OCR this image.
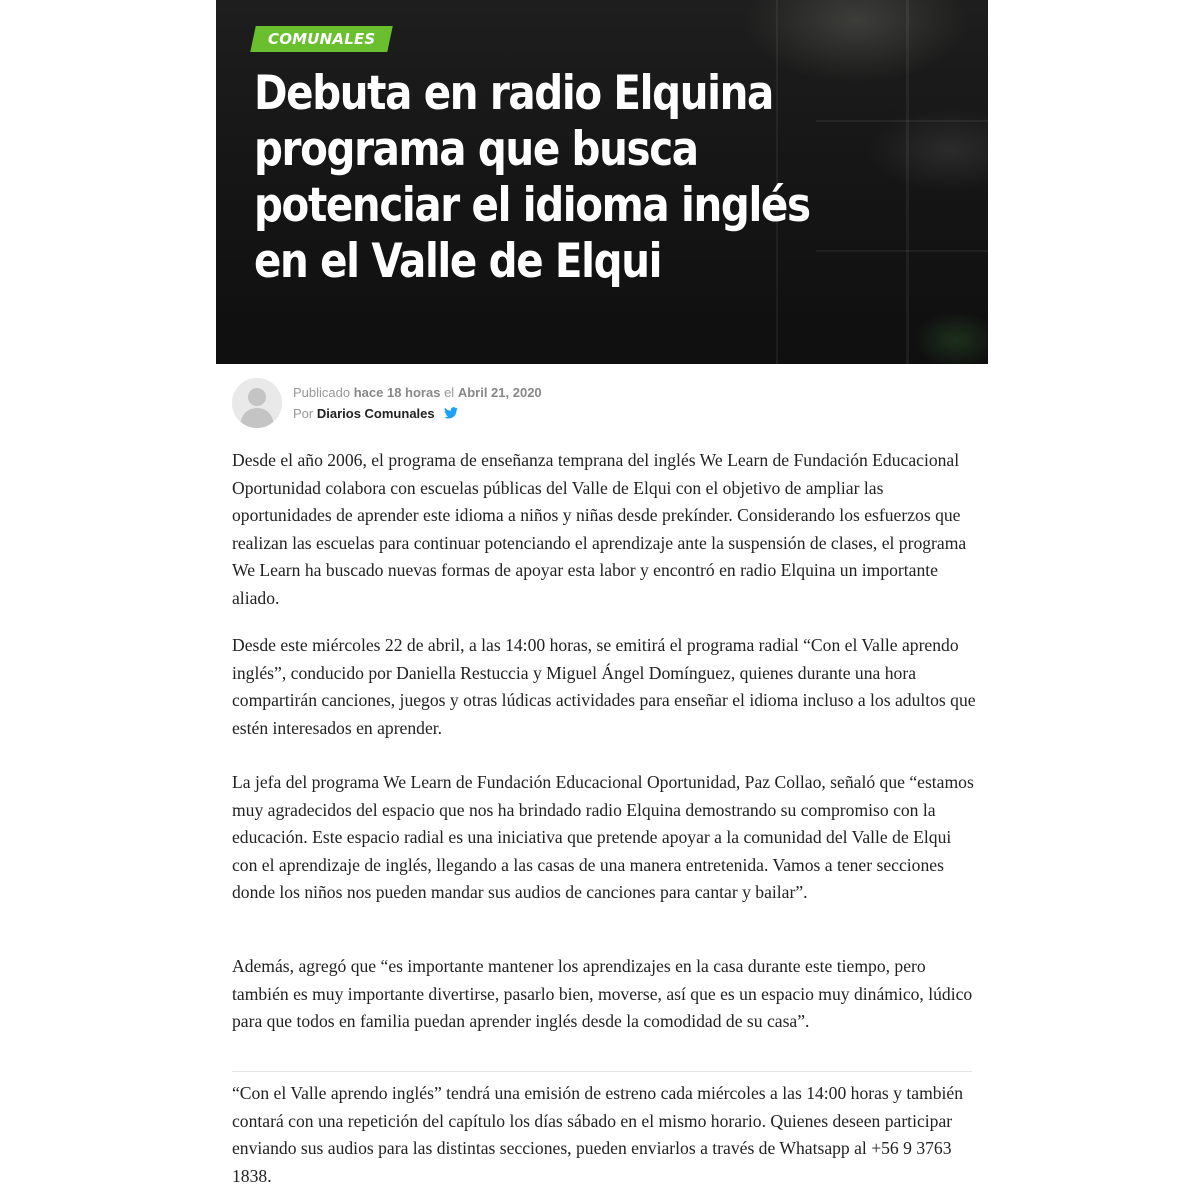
COMUNALES
Debuta en radio Elquina programa que busca potenciar el idioma inglés en el Valle de Elqui
Publicado hace 18 horas el Abril 21, 2020
Por Diarios Comunales

Desde el año 2006, el programa de enseñanza temprana del inglés We Learn de Fundación Educacional Oportunidad colabora con escuelas públicas del Valle de Elqui con el objetivo de ampliar las oportunidades de aprender este idioma a niños y niñas desde prekínder. Considerando los esfuerzos que realizan las escuelas para continuar potenciando el aprendizaje ante la suspensión de clases, el programa We Learn ha buscado nuevas formas de apoyar esta labor y encontró en radio Elquina un importante aliado.

Desde este miércoles 22 de abril, a las 14:00 horas, se emitirá el programa radial “Con el Valle aprendo inglés”, conducido por Daniella Restuccia y Miguel Ángel Domínguez, quienes durante una hora compartirán canciones, juegos y otras lúdicas actividades para enseñar el idioma incluso a los adultos que estén interesados en aprender.

La jefa del programa We Learn de Fundación Educacional Oportunidad, Paz Collao, señaló que “estamos muy agradecidos del espacio que nos ha brindado radio Elquina demostrando su compromiso con la educación. Este espacio radial es una iniciativa que pretende apoyar a la comunidad del Valle de Elqui con el aprendizaje de inglés, llegando a las casas de una manera entretenida. Vamos a tener secciones donde los niños nos pueden mandar sus audios de canciones para cantar y bailar”.

Además, agregó que “es importante mantener los aprendizajes en la casa durante este tiempo, pero también es muy importante divertirse, pasarlo bien, moverse, así que es un espacio muy dinámico, lúdico para que todos en familia puedan aprender inglés desde la comodidad de su casa”.

“Con el Valle aprendo inglés” tendrá una emisión de estreno cada miércoles a las 14:00 horas y también contará con una repetición del capítulo los días sábado en el mismo horario. Quienes deseen participar enviando sus audios para las distintas secciones, pueden enviarlos a través de Whatsapp al +56 9 3763 1838.
